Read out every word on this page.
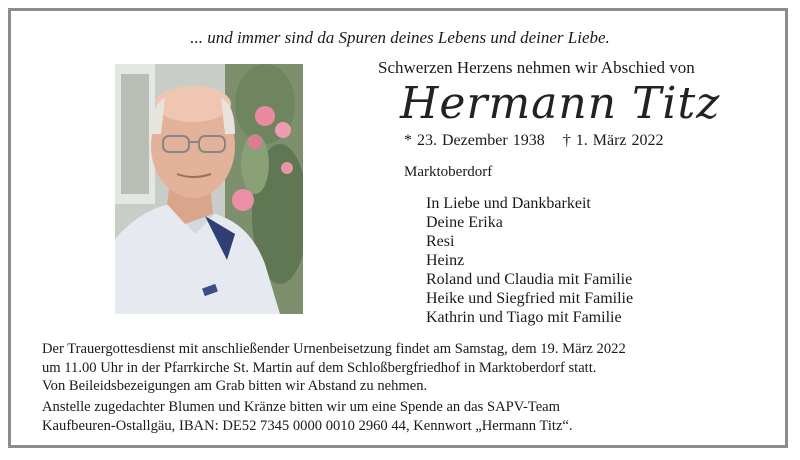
... und immer sind da Spuren deines Lebens und deiner Liebe.
Schwerzen Herzens nehmen wir Abschied von
Hermann Titz
* 23. Dezember 1938 † 1. März 2022
Marktoberdorf
In Liebe und Dankbarkeit
Deine Erika
Resi
Heinz
Roland und Claudia mit Familie
Heike und Siegfried mit Familie
Kathrin und Tiago mit Familie
Der Trauergottesdienst mit anschließender Urnenbeisetzung findet am Samstag, dem 19. März 2022
um 11.00 Uhr in der Pfarrkirche St. Martin auf dem Schloßbergfriedhof in Marktoberdorf statt.
Von Beileidsbezeigungen am Grab bitten wir Abstand zu nehmen.
Anstelle zugedachter Blumen und Kränze bitten wir um eine Spende an das SAPV-Team
Kaufbeuren-Ostallgäu, IBAN: DE52 7345 0000 0010 2960 44, Kennwort „Hermann Titz“.
